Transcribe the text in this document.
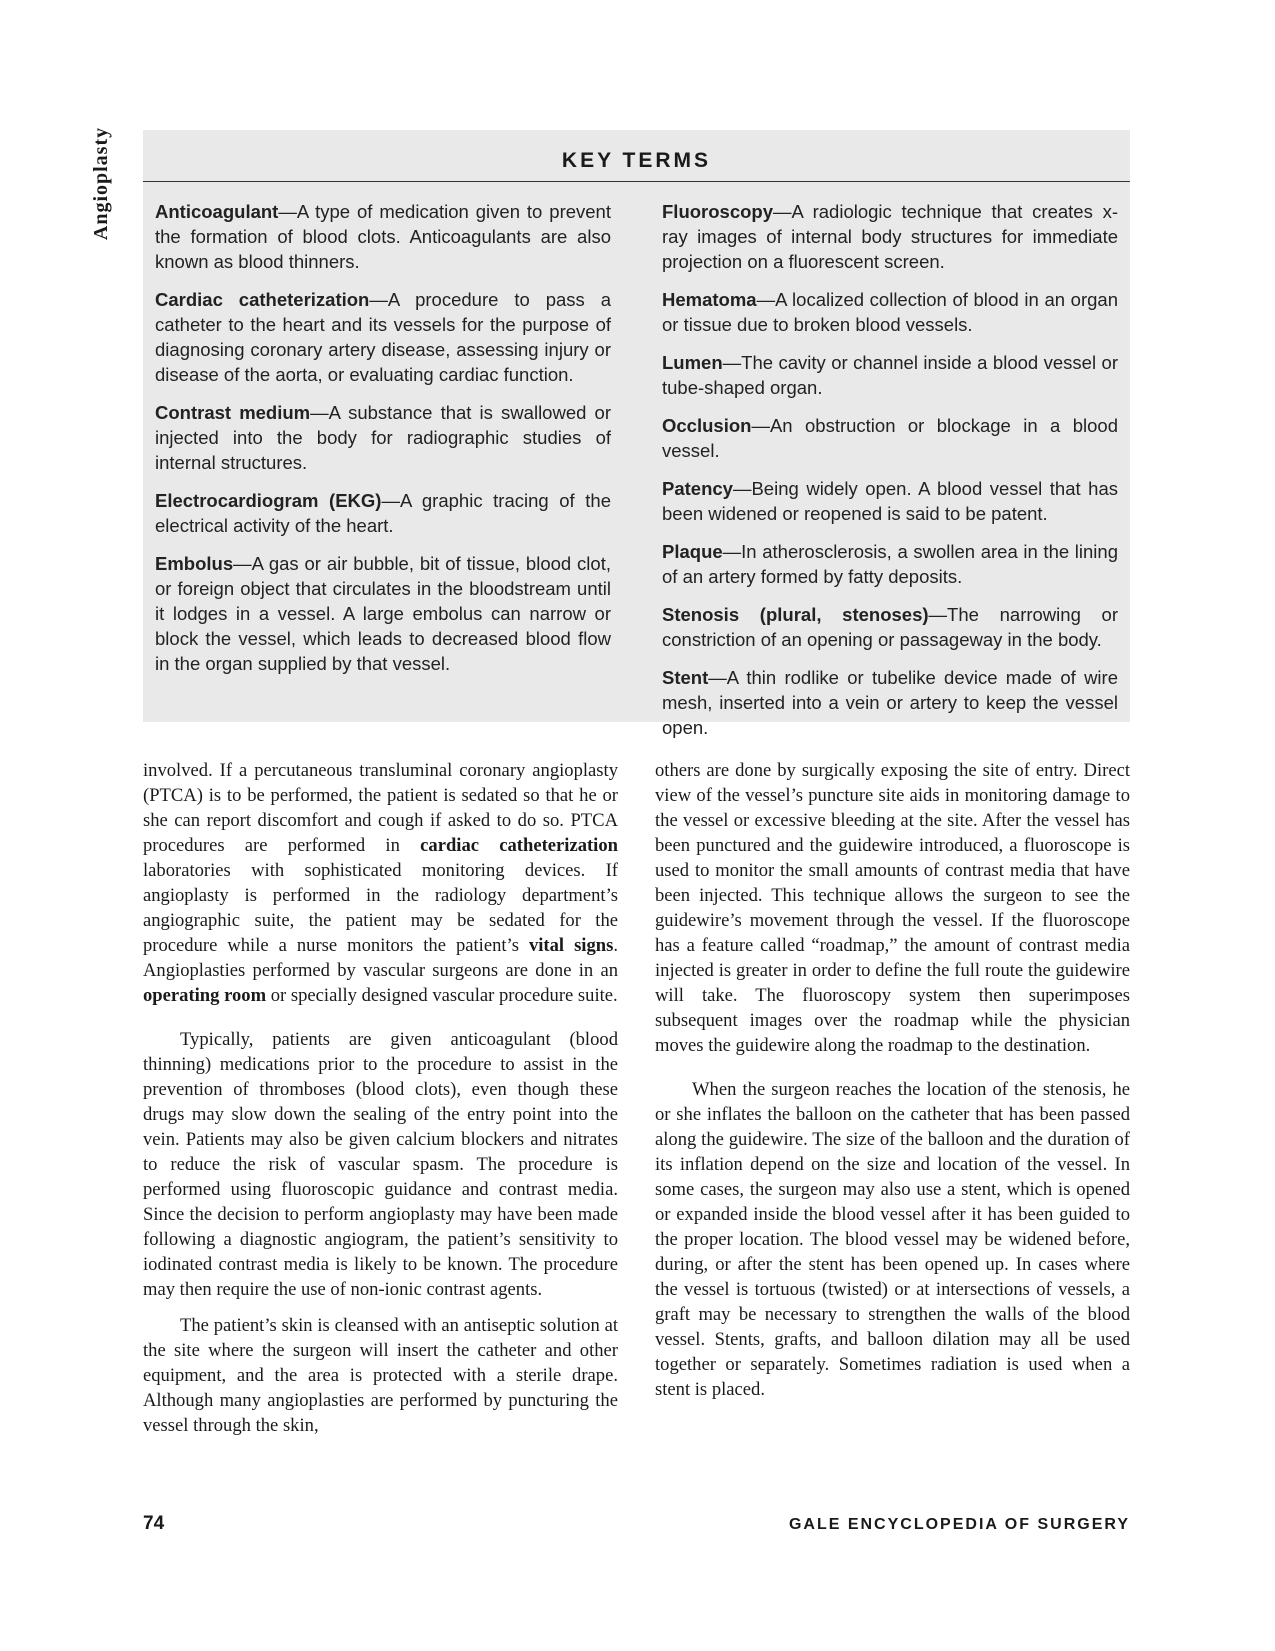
Angioplasty	KEY TERMS

Anticoagulant—A type of medication given to prevent the formation of blood clots. Anticoagulants are also known as blood thinners.

Cardiac catheterization—A procedure to pass a catheter to the heart and its vessels for the purpose of diagnosing coronary artery disease, assessing injury or disease of the aorta, or evaluating cardiac function.

Contrast medium—A substance that is swallowed or injected into the body for radiographic studies of internal structures.

Electrocardiogram (EKG)—A graphic tracing of the electrical activity of the heart.

Embolus—A gas or air bubble, bit of tissue, blood clot, or foreign object that circulates in the bloodstream until it lodges in a vessel. A large embolus can narrow or block the vessel, which leads to decreased blood flow in the organ supplied by that vessel.

Fluoroscopy—A radiologic technique that creates x-ray images of internal body structures for immediate projection on a fluorescent screen.

Hematoma—A localized collection of blood in an organ or tissue due to broken blood vessels.

Lumen—The cavity or channel inside a blood vessel or tube-shaped organ.

Occlusion—An obstruction or blockage in a blood vessel.

Patency—Being widely open. A blood vessel that has been widened or reopened is said to be patent.

Plaque—In atherosclerosis, a swollen area in the lining of an artery formed by fatty deposits.

Stenosis (plural, stenoses)—The narrowing or constriction of an opening or passageway in the body.

Stent—A thin rodlike or tubelike device made of wire mesh, inserted into a vein or artery to keep the vessel open.

involved. If a percutaneous transluminal coronary angioplasty (PTCA) is to be performed, the patient is sedated so that he or she can report discomfort and cough if asked to do so. PTCA procedures are performed in cardiac catheterization laboratories with sophisticated monitoring devices. If angioplasty is performed in the radiology department’s angiographic suite, the patient may be sedated for the procedure while a nurse monitors the patient’s vital signs. Angioplasties performed by vascular surgeons are done in an operating room or specially designed vascular procedure suite.

Typically, patients are given anticoagulant (blood thinning) medications prior to the procedure to assist in the prevention of thromboses (blood clots), even though these drugs may slow down the sealing of the entry point into the vein. Patients may also be given calcium blockers and nitrates to reduce the risk of vascular spasm. The procedure is performed using fluoroscopic guidance and contrast media. Since the decision to perform angioplasty may have been made following a diagnostic angiogram, the patient’s sensitivity to iodinated contrast media is likely to be known. The procedure may then require the use of non-ionic contrast agents.

The patient’s skin is cleansed with an antiseptic solution at the site where the surgeon will insert the catheter and other equipment, and the area is protected with a sterile drape. Although many angioplasties are performed by puncturing the vessel through the skin,

others are done by surgically exposing the site of entry. Direct view of the vessel’s puncture site aids in monitoring damage to the vessel or excessive bleeding at the site. After the vessel has been punctured and the guidewire introduced, a fluoroscope is used to monitor the small amounts of contrast media that have been injected. This technique allows the surgeon to see the guidewire’s movement through the vessel. If the fluoroscope has a feature called “roadmap,” the amount of contrast media injected is greater in order to define the full route the guidewire will take. The fluoroscopy system then superimposes subsequent images over the roadmap while the physician moves the guidewire along the roadmap to the destination.

When the surgeon reaches the location of the stenosis, he or she inflates the balloon on the catheter that has been passed along the guidewire. The size of the balloon and the duration of its inflation depend on the size and location of the vessel. In some cases, the surgeon may also use a stent, which is opened or expanded inside the blood vessel after it has been guided to the proper location. The blood vessel may be widened before, during, or after the stent has been opened up. In cases where the vessel is tortuous (twisted) or at intersections of vessels, a graft may be necessary to strengthen the walls of the blood vessel. Stents, grafts, and balloon dilation may all be used together or separately. Sometimes radiation is used when a stent is placed.

74	GALE ENCYCLOPEDIA OF SURGERY
